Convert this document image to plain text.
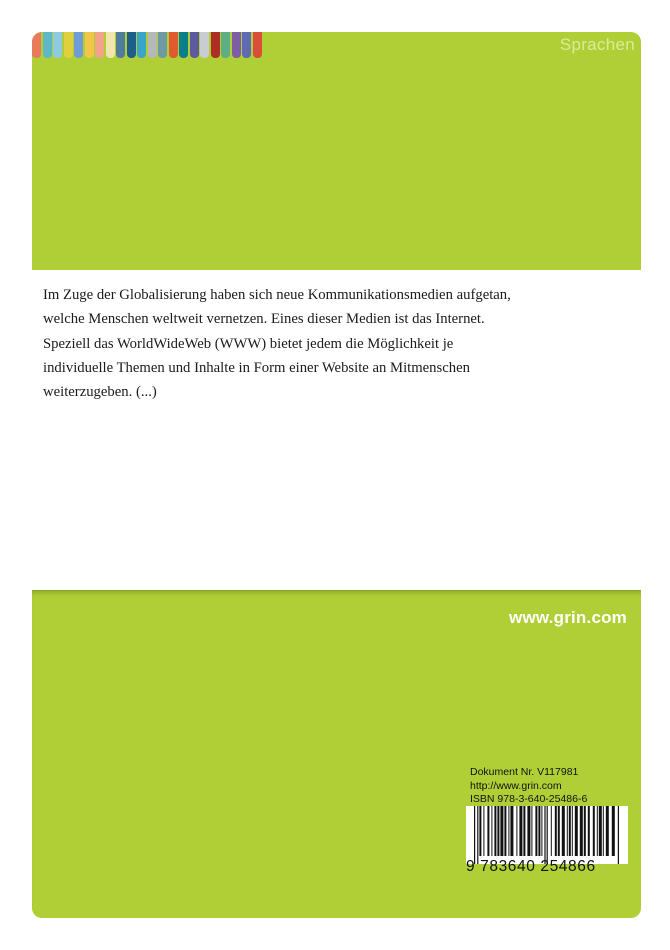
Sprachen
Im Zuge der Globalisierung haben sich neue Kommunikationsmedien aufgetan,
welche Menschen weltweit vernetzen. Eines dieser Medien ist das Internet.
Speziell das WorldWideWeb (WWW) bietet jedem die Möglichkeit je
individuelle Themen und Inhalte in Form einer Website an Mitmenschen
weiterzugeben. (...)
www.grin.com
Dokument Nr. V117981
http://www.grin.com
ISBN 978-3-640-25486-6
9 783640 254866
